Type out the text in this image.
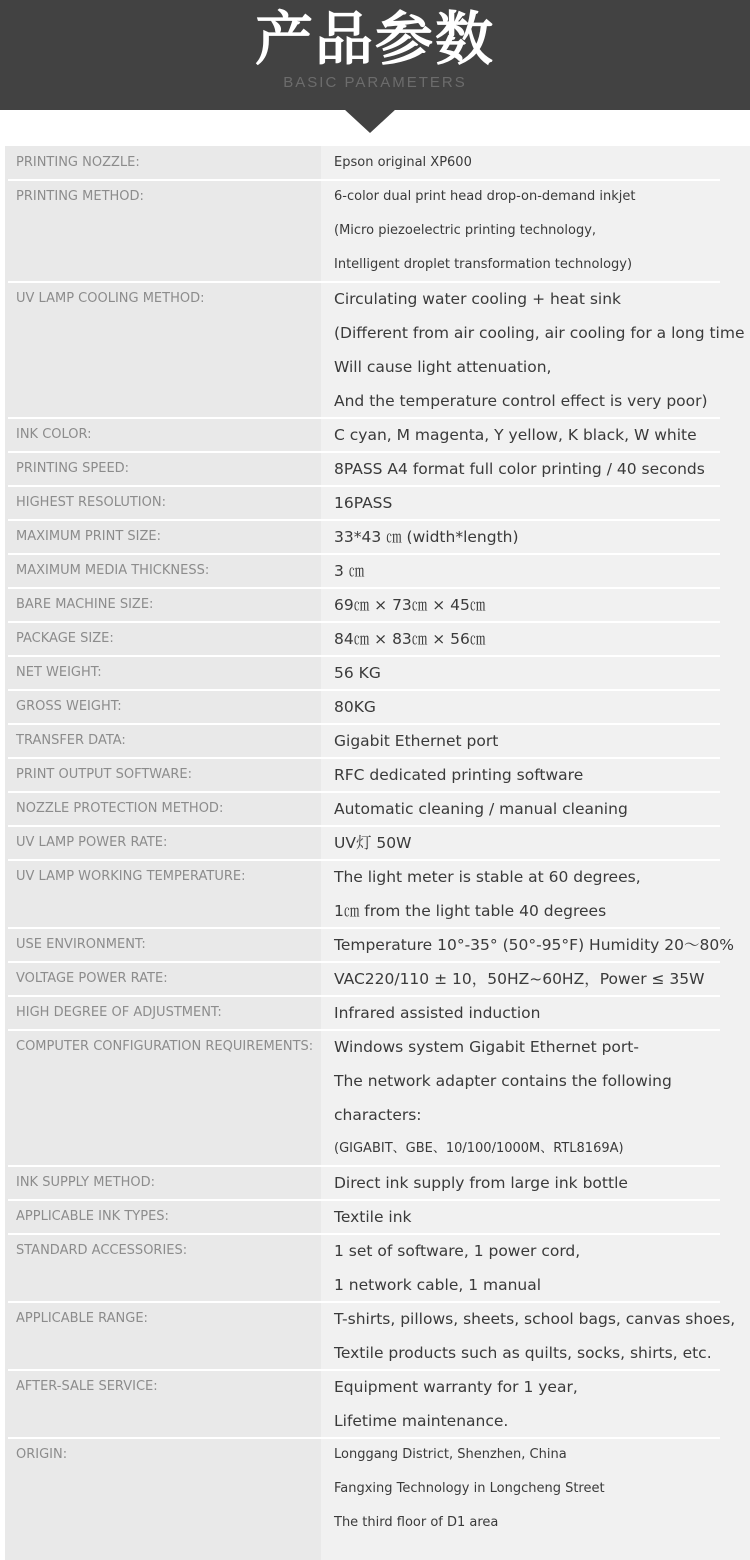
产品参数
BASIC PARAMETERS
PRINTING NOZZLE:	Epson original XP600
PRINTING METHOD:	6-color dual print head drop-on-demand inkjet
(Micro piezoelectric printing technology,
Intelligent droplet transformation technology)
UV LAMP COOLING METHOD:	Circulating water cooling + heat sink
(Different from air cooling, air cooling for a long time
Will cause light attenuation,
And the temperature control effect is very poor)
INK COLOR:	C cyan, M magenta, Y yellow, K black, W white
PRINTING SPEED:	8PASS A4 format full color printing / 40 seconds
HIGHEST RESOLUTION:	16PASS
MAXIMUM PRINT SIZE:	33*43 ㎝ (width*length)
MAXIMUM MEDIA THICKNESS:	3 ㎝
BARE MACHINE SIZE:	69㎝ × 73㎝ × 45㎝
PACKAGE SIZE:	84㎝ × 83㎝ × 56㎝
NET WEIGHT:	56 KG
GROSS WEIGHT:	80KG
TRANSFER DATA:	Gigabit Ethernet port
PRINT OUTPUT SOFTWARE:	RFC dedicated printing software
NOZZLE PROTECTION METHOD:	Automatic cleaning / manual cleaning
UV LAMP POWER RATE:	UV灯 50W
UV LAMP WORKING TEMPERATURE:	The light meter is stable at 60 degrees,
1㎝ from the light table 40 degrees
USE ENVIRONMENT:	Temperature 10°-35° (50°-95°F) Humidity 20～80%
VOLTAGE POWER RATE:	VAC220/110 ± 10，50HZ~60HZ，Power ≤ 35W
HIGH DEGREE OF ADJUSTMENT:	Infrared assisted induction
COMPUTER CONFIGURATION REQUIREMENTS: Windows system Gigabit Ethernet port-
The network adapter contains the following
characters:
(GIGABIT、GBE、10/100/1000M、RTL8169A)
INK SUPPLY METHOD:	Direct ink supply from large ink bottle
APPLICABLE INK TYPES:	Textile ink
STANDARD ACCESSORIES:	1 set of software, 1 power cord,
1 network cable, 1 manual
APPLICABLE RANGE:	T-shirts, pillows, sheets, school bags, canvas shoes,
Textile products such as quilts, socks, shirts, etc.
AFTER-SALE SERVICE:	Equipment warranty for 1 year,
Lifetime maintenance.
ORIGIN:	Longgang District, Shenzhen, China
Fangxing Technology in Longcheng Street
The third floor of D1 area
